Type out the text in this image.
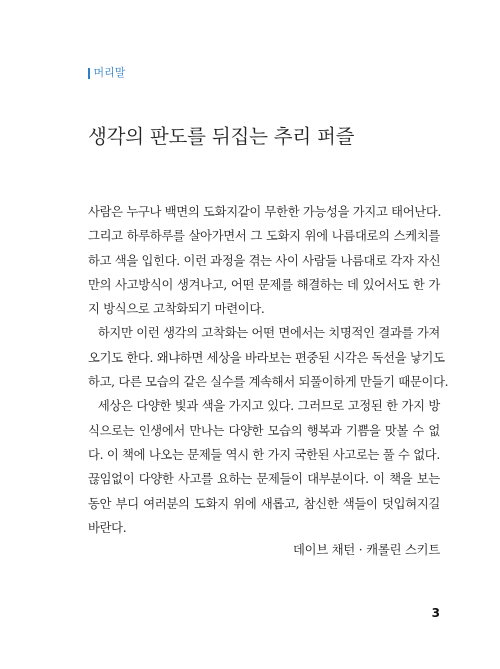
머리말
생각의 판도를 뒤집는 추리 퍼즐
사람은 누구나 백면의 도화지같이 무한한 가능성을 가지고 태어난다.
그리고 하루하루를 살아가면서 그 도화지 위에 나름대로의 스케치를
하고 색을 입힌다. 이런 과정을 겪는 사이 사람들 나름대로 각자 자신
만의 사고방식이 생겨나고, 어떤 문제를 해결하는 데 있어서도 한 가
지 방식으로 고착화되기 마련이다.
하지만 이런 생각의 고착화는 어떤 면에서는 치명적인 결과를 가져
오기도 한다. 왜냐하면 세상을 바라보는 편중된 시각은 독선을 낳기도
하고, 다른 모습의 같은 실수를 계속해서 되풀이하게 만들기 때문이다.
세상은 다양한 빛과 색을 가지고 있다. 그러므로 고정된 한 가지 방
식으로는 인생에서 만나는 다양한 모습의 행복과 기쁨을 맛볼 수 없
다. 이 책에 나오는 문제들 역시 한 가지 국한된 사고로는 풀 수 없다.
끊임없이 다양한 사고를 요하는 문제들이 대부분이다. 이 책을 보는
동안 부디 여러분의 도화지 위에 새롭고, 참신한 색들이 덧입혀지길
바란다.
데이브 채턴 · 캐롤린 스키트
3
